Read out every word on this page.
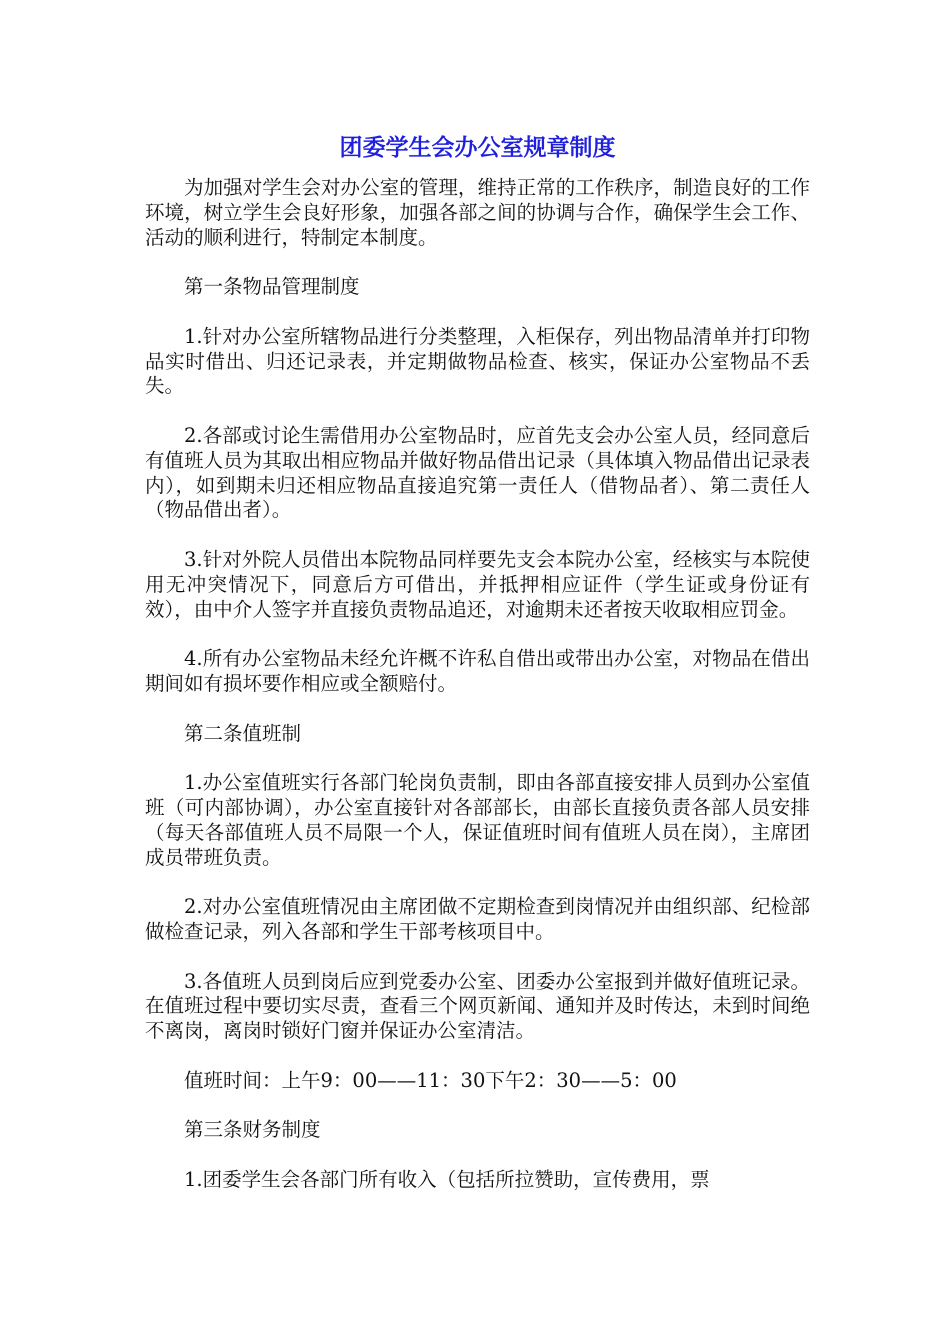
团委学生会办公室规章制度

为加强对学生会对办公室的管理，维持正常的工作秩序，制造良好的工作环境，树立学生会良好形象，加强各部之间的协调与合作，确保学生会工作、活动的顺利进行，特制定本制度。

第一条物品管理制度

1.针对办公室所辖物品进行分类整理，入柜保存，列出物品清单并打印物品实时借出、归还记录表，并定期做物品检查、核实，保证办公室物品不丢失。

2.各部或讨论生需借用办公室物品时，应首先支会办公室人员，经同意后有值班人员为其取出相应物品并做好物品借出记录（具体填入物品借出记录表内），如到期未归还相应物品直接追究第一责任人（借物品者）、第二责任人（物品借出者）。

3.针对外院人员借出本院物品同样要先支会本院办公室，经核实与本院使用无冲突情况下，同意后方可借出，并抵押相应证件（学生证或身份证有效），由中介人签字并直接负责物品追还，对逾期未还者按天收取相应罚金。

4.所有办公室物品未经允许概不许私自借出或带出办公室，对物品在借出期间如有损坏要作相应或全额赔付。

第二条值班制

1.办公室值班实行各部门轮岗负责制，即由各部直接安排人员到办公室值班（可内部协调），办公室直接针对各部部长，由部长直接负责各部人员安排（每天各部值班人员不局限一个人，保证值班时间有值班人员在岗），主席团成员带班负责。

2.对办公室值班情况由主席团做不定期检查到岗情况并由组织部、纪检部做检查记录，列入各部和学生干部考核项目中。

3.各值班人员到岗后应到党委办公室、团委办公室报到并做好值班记录。在值班过程中要切实尽责，查看三个网页新闻、通知并及时传达，未到时间绝不离岗，离岗时锁好门窗并保证办公室清洁。

值班时间：上午9：00——11：30下午2：30——5：00

第三条财务制度

1.团委学生会各部门所有收入（包括所拉赞助，宣传费用，票
